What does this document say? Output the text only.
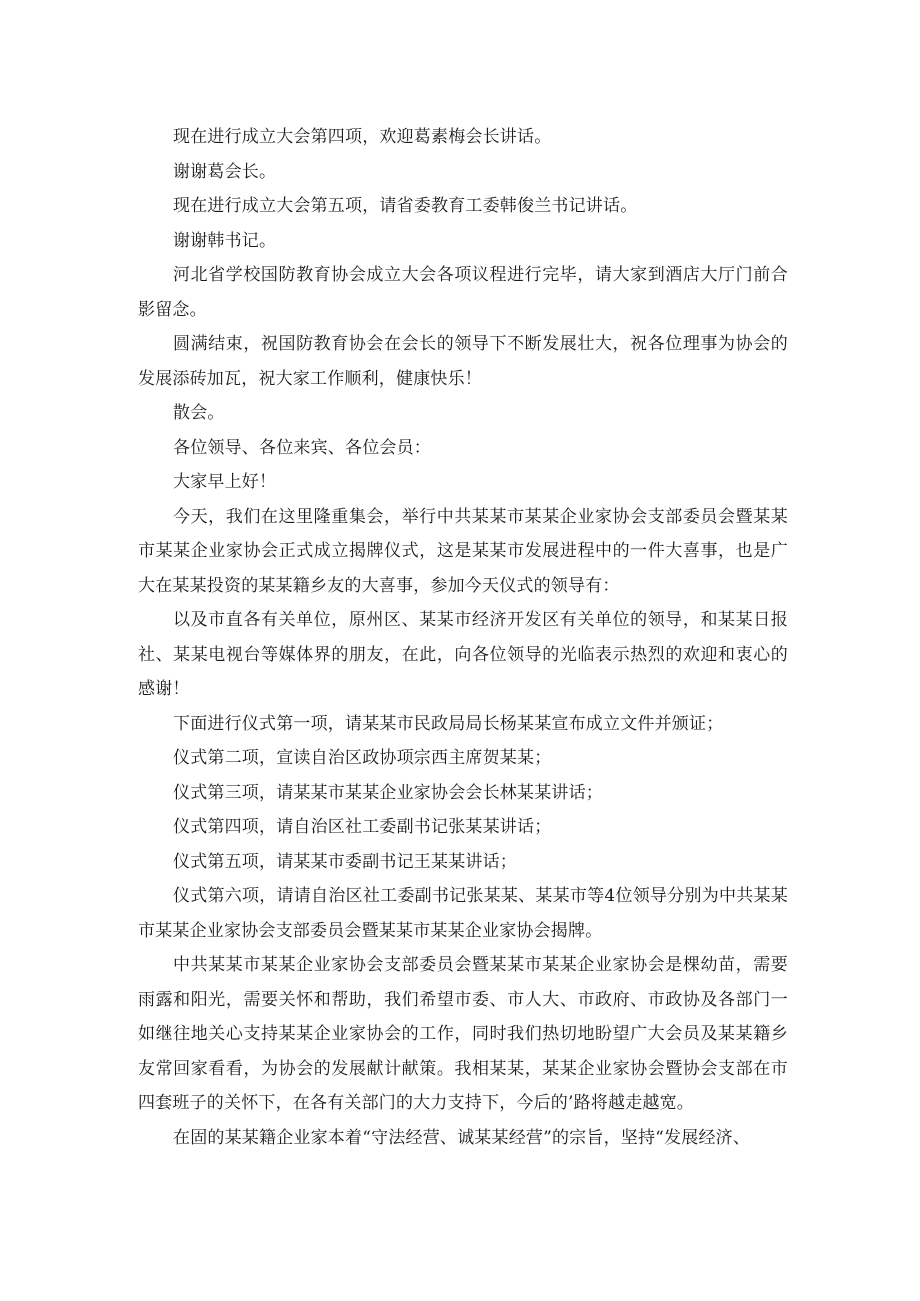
现在进行成立大会第四项，欢迎葛素梅会长讲话。

谢谢葛会长。

现在进行成立大会第五项，请省委教育工委韩俊兰书记讲话。

谢谢韩书记。

河北省学校国防教育协会成立大会各项议程进行完毕，请大家到酒店大厅门前合影留念。

圆满结束，祝国防教育协会在会长的领导下不断发展壮大，祝各位理事为协会的发展添砖加瓦，祝大家工作顺利，健康快乐！

散会。

各位领导、各位来宾、各位会员：

大家早上好！

今天，我们在这里隆重集会，举行中共某某市某某企业家协会支部委员会暨某某市某某企业家协会正式成立揭牌仪式，这是某某市发展进程中的一件大喜事，也是广大在某某投资的某某籍乡友的大喜事，参加今天仪式的领导有：

以及市直各有关单位，原州区、某某市经济开发区有关单位的领导，和某某日报社、某某电视台等媒体界的朋友，在此，向各位领导的光临表示热烈的欢迎和衷心的感谢！

下面进行仪式第一项，请某某市民政局局长杨某某宣布成立文件并颁证；

仪式第二项，宣读自治区政协项宗西主席贺某某；

仪式第三项，请某某市某某企业家协会会长林某某讲话；

仪式第四项，请自治区社工委副书记张某某讲话；

仪式第五项，请某某市委副书记王某某讲话；

仪式第六项，请请自治区社工委副书记张某某、某某市等4位领导分别为中共某某市某某企业家协会支部委员会暨某某市某某企业家协会揭牌。

中共某某市某某企业家协会支部委员会暨某某市某某企业家协会是棵幼苗，需要雨露和阳光，需要关怀和帮助，我们希望市委、市人大、市政府、市政协及各部门一如继往地关心支持某某企业家协会的工作，同时我们热切地盼望广大会员及某某籍乡友常回家看看，为协会的发展献计献策。我相某某，某某企业家协会暨协会支部在市四套班子的关怀下，在各有关部门的大力支持下，今后的’路将越走越宽。

在固的某某籍企业家本着“守法经营、诚某某经营”的宗旨，坚持“发展经济、
